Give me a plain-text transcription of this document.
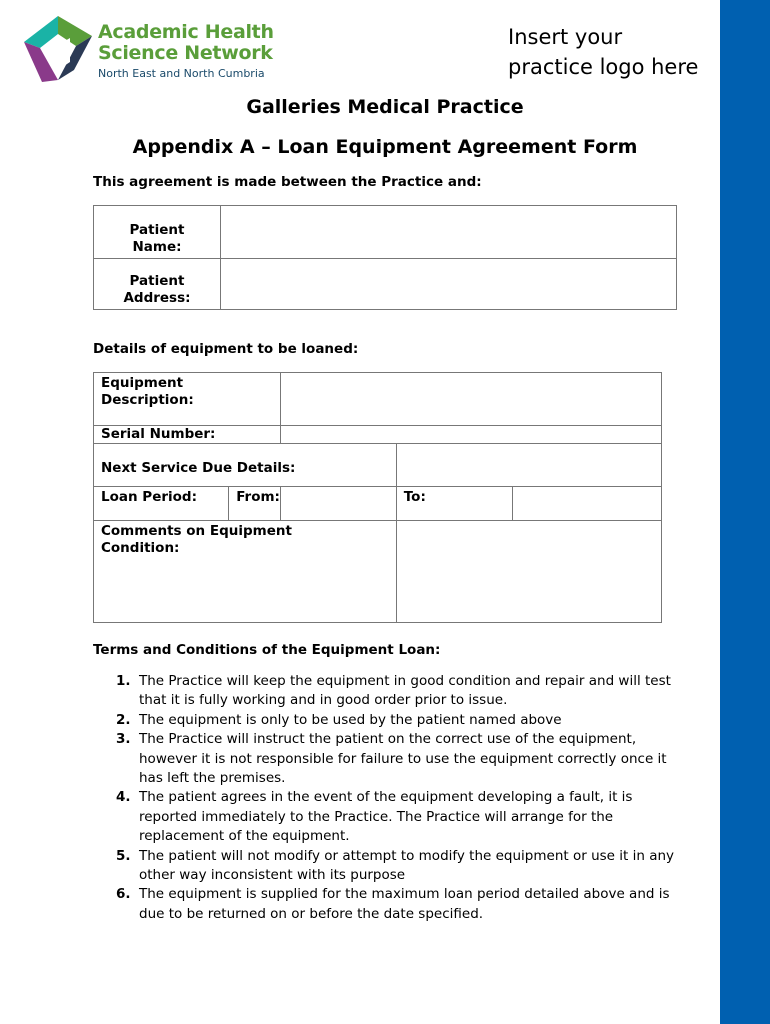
Academic Health
Science Network
North East and North Cumbria
Insert your
practice logo here
Galleries Medical Practice
Appendix A – Loan Equipment Agreement Form
This agreement is made between the Practice and:
Patient
Name:	

Patient
Address:	

Details of equipment to be loaned:
Equipment
Description:				

Serial Number:				
Next Service Due Details:				
Loan Period:	From:		To:	

Comments on Equipment
Condition:				

Terms and Conditions of the Equipment Loan:
1. The Practice will keep the equipment in good condition and repair and will test that it is fully working and in good order prior to issue.
2. The equipment is only to be used by the patient named above
3. The Practice will instruct the patient on the correct use of the equipment, however it is not responsible for failure to use the equipment correctly once it has left the premises.
4. The patient agrees in the event of the equipment developing a fault, it is reported immediately to the Practice. The Practice will arrange for the replacement of the equipment.
5. The patient will not modify or attempt to modify the equipment or use it in any other way inconsistent with its purpose
6. The equipment is supplied for the maximum loan period detailed above and is due to be returned on or before the date specified.
